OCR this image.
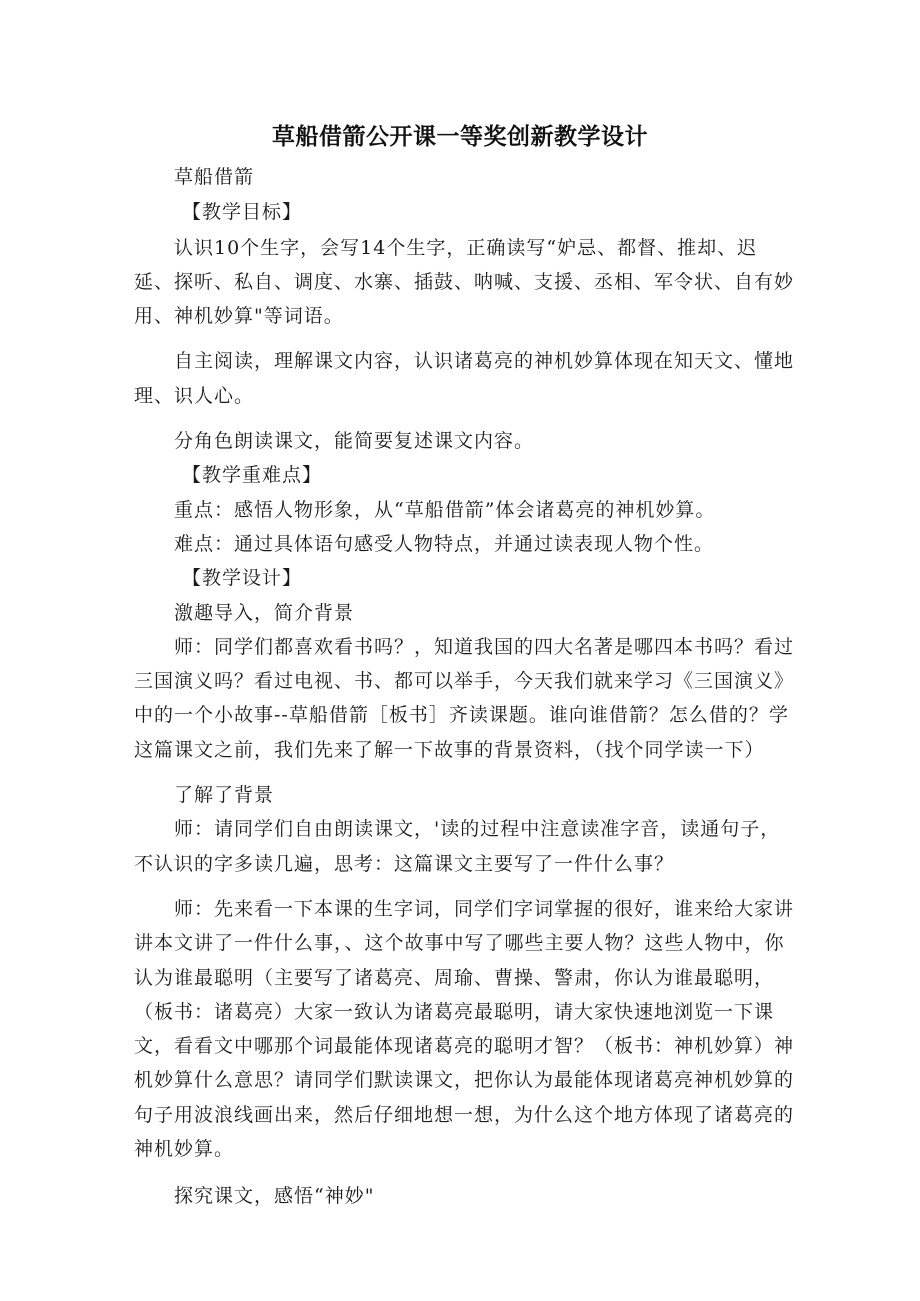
草船借箭公开课一等奖创新教学设计

草船借箭

【教学目标】

认识10个生字，会写14个生字，正确读写“妒忌、都督、推却、迟延、探听、私自、调度、水寨、插鼓、呐喊、支援、丞相、军令状、自有妙用、神机妙算"等词语。

自主阅读，理解课文内容，认识诸葛亮的神机妙算体现在知天文、懂地理、识人心。

分角色朗读课文，能简要复述课文内容。

【教学重难点】

重点：感悟人物形象，从“草船借箭”体会诸葛亮的神机妙算。

难点：通过具体语句感受人物特点，并通过读表现人物个性。

【教学设计】

激趣导入，简介背景

师：同学们都喜欢看书吗？，知道我国的四大名著是哪四本书吗？看过三国演义吗？看过电视、书、都可以举手，今天我们就来学习《三国演义》中的一个小故事--草船借箭［板书］齐读课题。谁向谁借箭？怎么借的？学这篇课文之前，我们先来了解一下故事的背景资料，（找个同学读一下）

了解了背景

师：请同学们自由朗读课文，'读的过程中注意读准字音，读通句子，不认识的字多读几遍，思考：这篇课文主要写了一件什么事？

师：先来看一下本课的生字词，同学们字词掌握的很好，谁来给大家讲讲本文讲了一件什么事，、这个故事中写了哪些主要人物？这些人物中，你认为谁最聪明（主要写了诸葛亮、周瑜、曹操、警肃，你认为谁最聪明，（板书：诸葛亮）大家一致认为诸葛亮最聪明，请大家快速地浏览一下课文，看看文中哪那个词最能体现诸葛亮的聪明才智？（板书：神机妙算）神机妙算什么意思？请同学们默读课文，把你认为最能体现诸葛亮神机妙算的句子用波浪线画出来，然后仔细地想一想，为什么这个地方体现了诸葛亮的神机妙算。

探究课文，感悟“神妙"
